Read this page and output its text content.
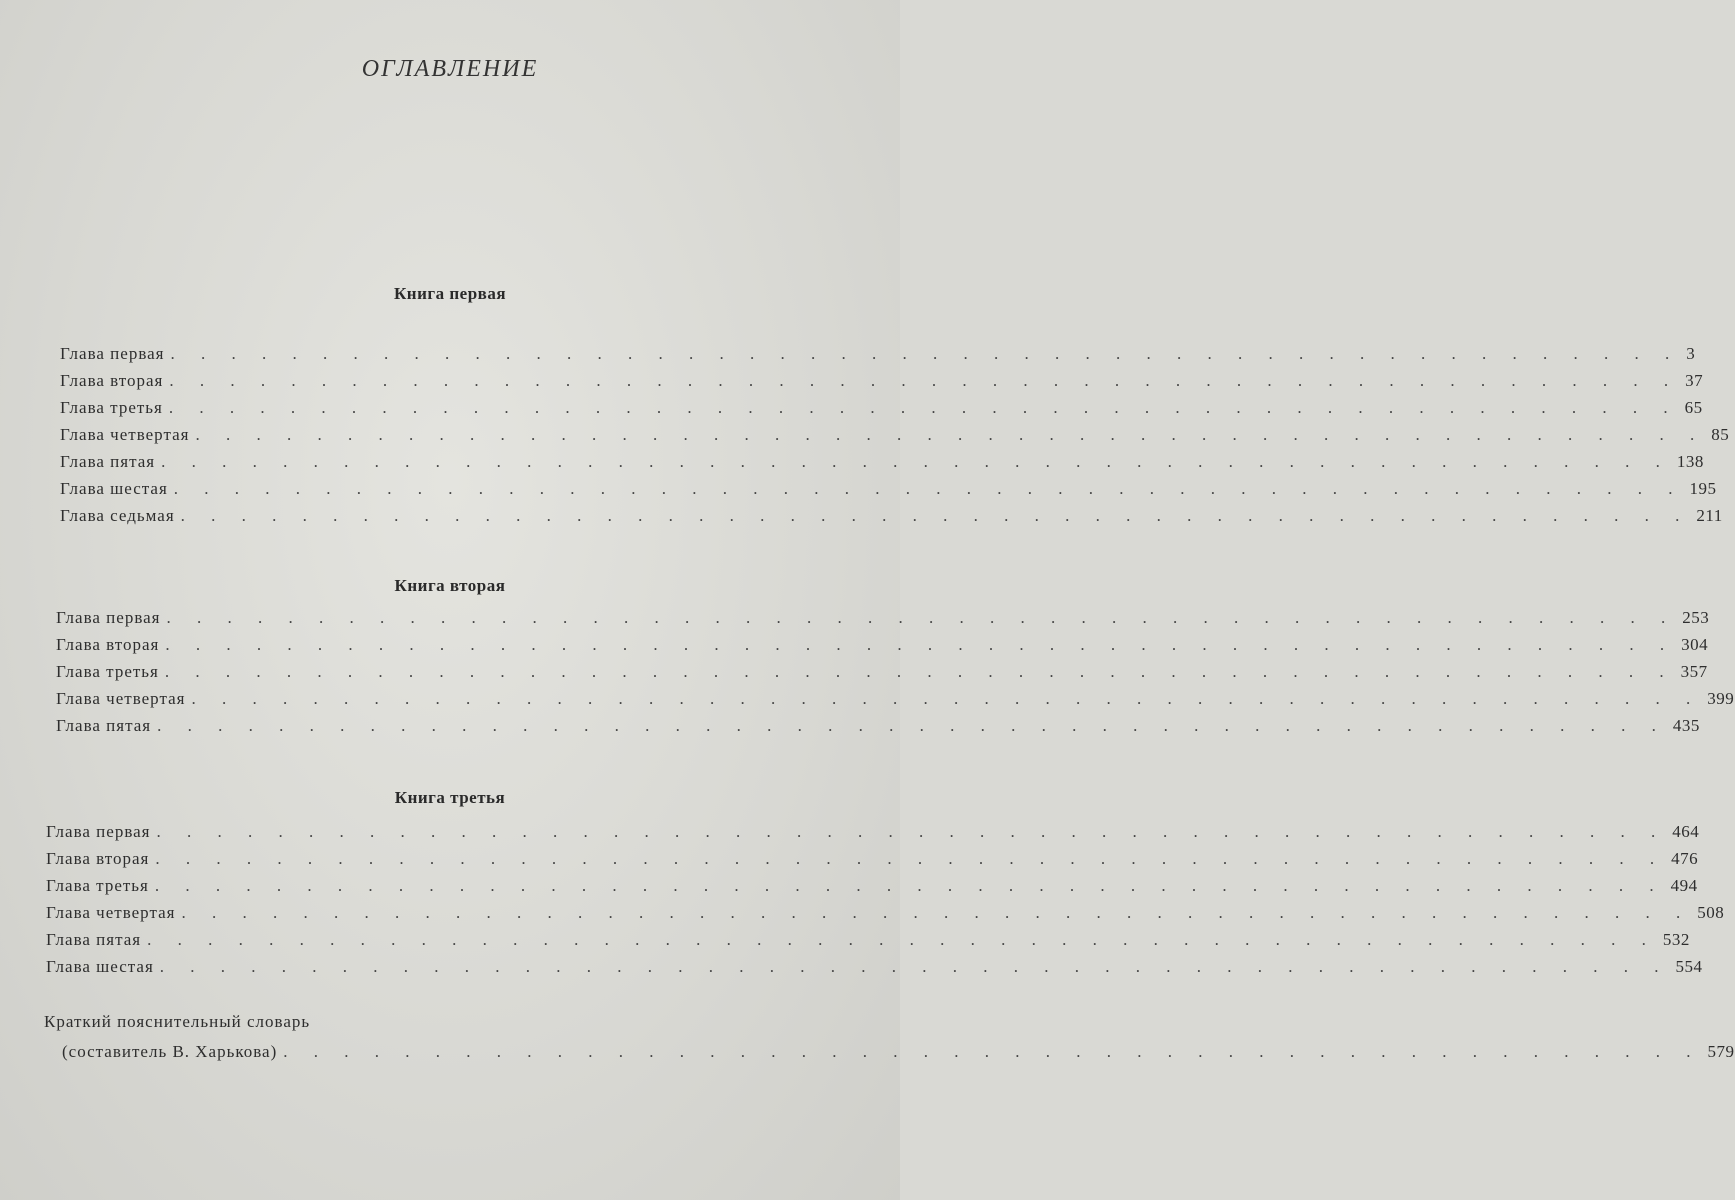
ОГЛАВЛЕНИЕ
Книга первая
Глава первая . . . . . . . . . . . . . . . . . . . . . . . . . . . . . . . . . . . . . . . . . . . . . . . . . . 3
Глава вторая . . . . . . . . . . . . . . . . . . . . . . . . . . . . . . . . . . . . . . . . . . . . . . . . . . 37
Глава третья . . . . . . . . . . . . . . . . . . . . . . . . . . . . . . . . . . . . . . . . . . . . . . . . . . 65
Глава четвертая . . . . . . . . . . . . . . . . . . . . . . . . . . . . . . . . . . . . . . . . . . . . . . . . . . 85
Глава пятая . . . . . . . . . . . . . . . . . . . . . . . . . . . . . . . . . . . . . . . . . . . . . . . . . . 138
Глава шестая . . . . . . . . . . . . . . . . . . . . . . . . . . . . . . . . . . . . . . . . . . . . . . . . . . 195
Глава седьмая . . . . . . . . . . . . . . . . . . . . . . . . . . . . . . . . . . . . . . . . . . . . . . . . . . 211
Книга вторая
Глава первая . . . . . . . . . . . . . . . . . . . . . . . . . . . . . . . . . . . . . . . . . . . . . . . . . . 253
Глава вторая . . . . . . . . . . . . . . . . . . . . . . . . . . . . . . . . . . . . . . . . . . . . . . . . . . 304
Глава третья . . . . . . . . . . . . . . . . . . . . . . . . . . . . . . . . . . . . . . . . . . . . . . . . . . 357
Глава четвертая . . . . . . . . . . . . . . . . . . . . . . . . . . . . . . . . . . . . . . . . . . . . . . . . . . 399
Глава пятая . . . . . . . . . . . . . . . . . . . . . . . . . . . . . . . . . . . . . . . . . . . . . . . . . . 435
Книга третья
Глава первая . . . . . . . . . . . . . . . . . . . . . . . . . . . . . . . . . . . . . . . . . . . . . . . . . . 464
Глава вторая . . . . . . . . . . . . . . . . . . . . . . . . . . . . . . . . . . . . . . . . . . . . . . . . . . 476
Глава третья . . . . . . . . . . . . . . . . . . . . . . . . . . . . . . . . . . . . . . . . . . . . . . . . . . 494
Глава четвертая . . . . . . . . . . . . . . . . . . . . . . . . . . . . . . . . . . . . . . . . . . . . . . . . . . 508
Глава пятая . . . . . . . . . . . . . . . . . . . . . . . . . . . . . . . . . . . . . . . . . . . . . . . . . . 532
Глава шестая . . . . . . . . . . . . . . . . . . . . . . . . . . . . . . . . . . . . . . . . . . . . . . . . . . 554
Краткий пояснительный словарь
(составитель В. Харькова) . . . . . . . . . . . . . . . . . . . . . . . . . . . . . . . . . . . . . . . . . . . . . . . 579
